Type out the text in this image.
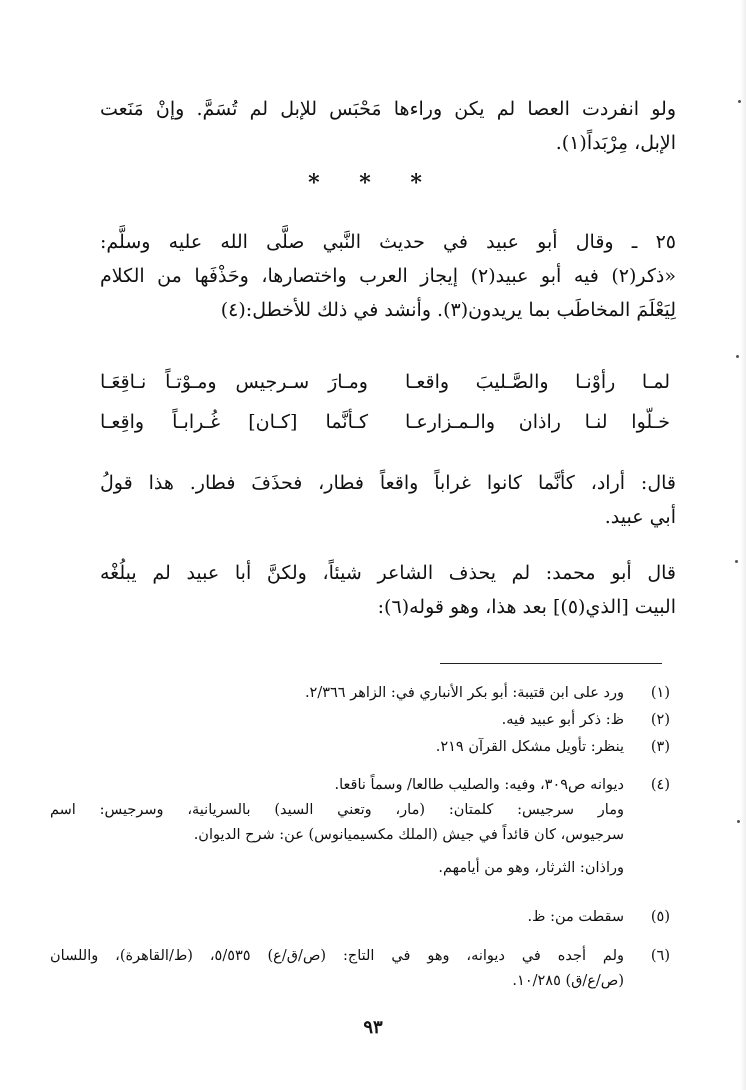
ولو انفردت العصا لم يكن وراءها مَحْبَس للإبل لم تُسَمَّ. وإنْ مَنَعت
الإبل، مِرْبَداً(١).
* * *
٢٥ ـ وقال أبو عبيد في حديث النَّبي صلَّى الله عليه وسلَّم:
«ذكر(٢) فيه أبو عبيد(٢) إيجاز العرب واختصارها، وحَذْفَها من الكلام
لِيَعْلَمَ المخاطَب بما يريدون(٣). وأنشد في ذلك للأخطل:(٤)
لمـا رأوْنـا والصَّـليبَ واقعـا
ومـارَ سـرجيس ومـوْتـاً نـاقِعَـا
خـلّوا لنـا راذان والـمـزارعـا
كـأنَّما [كـان] غُـرابـاً واقِعـا
قال: أراد، كأنَّما كانوا غراباً واقعاً فطار، فحذَفَ فطار. هذا قولُ
أبي عبيد.
قال أبو محمد: لم يحذف الشاعر شيئاً، ولكنَّ أبا عبيد لم يبلُغْه
البيت [الذي(٥)] بعد هذا، وهو قوله(٦):
(١)
ورد على ابن قتيبة: أبو بكر الأنباري في: الزاهر ٢/٣٦٦.
(٢)
ظ: ذكر أبو عبيد فيه.
(٣)
ينظر: تأويل مشكل القرآن ٢١٩.
(٤)
ديوانه ص٣٠٩، وفيه: والصليب طالعا/ وسماً ناقعا.
ومار سرجيس: كلمتان: (مار، وتعني السيد) بالسريانية، وسرجيس: اسم
سرجيوس، كان قائداً في جيش (الملك مكسيميانوس) عن: شرح الديوان.
وراذان: الثرثار، وهو من أيامهم.
(٥)
سقطت من: ظ.
(٦)
ولم أجده في ديوانه، وهو في التاج: (ص/ق/ع) ٥/٥٣٥، (ط/القاهرة)، واللسان
(ص/ع/ق) ١٠/٢٨٥.
٩٣
